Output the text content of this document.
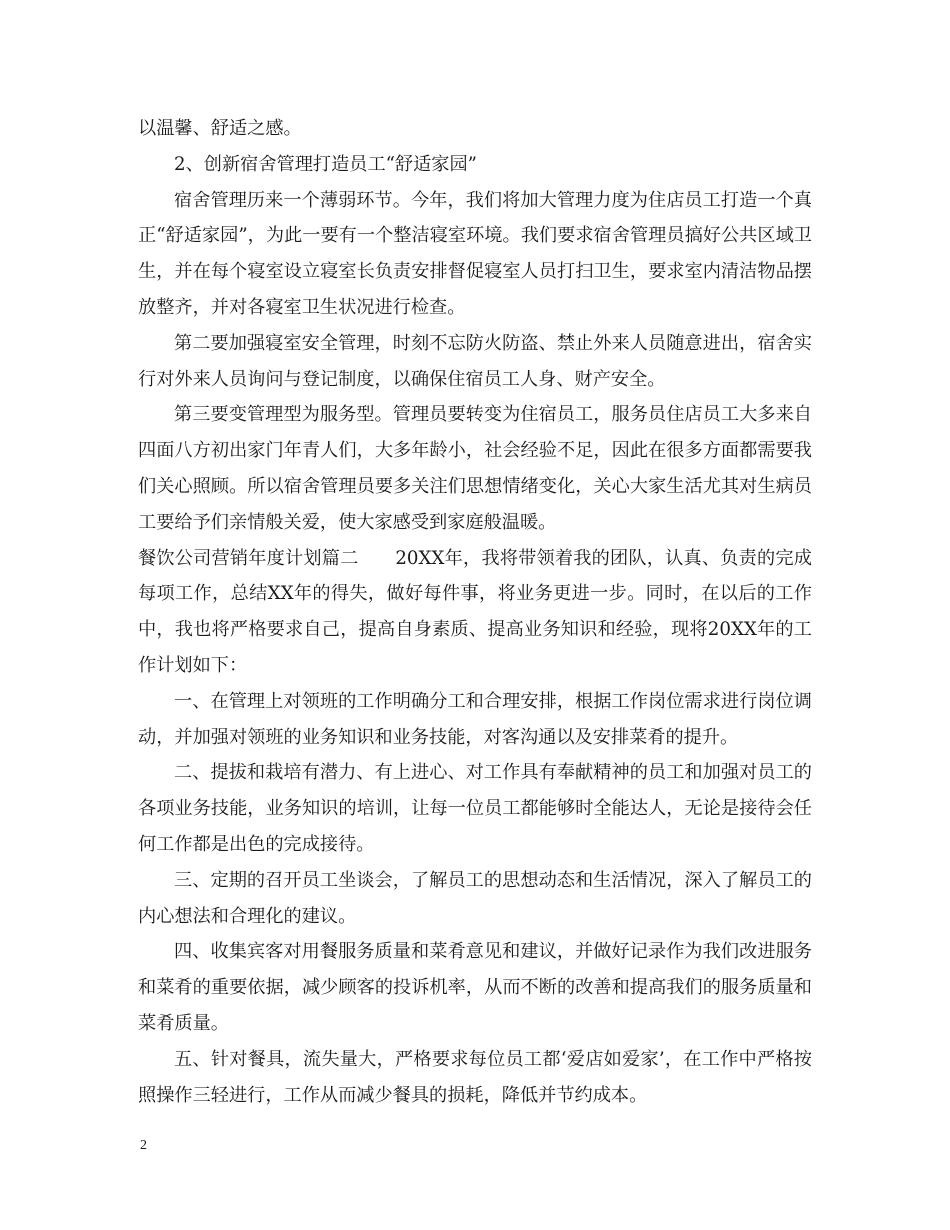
以温馨、舒适之感。

2、创新宿舍管理打造员工“舒适家园”

宿舍管理历来一个薄弱环节。今年，我们将加大管理力度为住店员工打造一个真正“舒适家园”，为此一要有一个整洁寝室环境。我们要求宿舍管理员搞好公共区域卫生，并在每个寝室设立寝室长负责安排督促寝室人员打扫卫生，要求室内清洁物品摆放整齐，并对各寝室卫生状况进行检查。

第二要加强寝室安全管理，时刻不忘防火防盗、禁止外来人员随意进出，宿舍实行对外来人员询问与登记制度，以确保住宿员工人身、财产安全。

第三要变管理型为服务型。管理员要转变为住宿员工，服务员住店员工大多来自四面八方初出家门年青人们，大多年龄小，社会经验不足，因此在很多方面都需要我们关心照顾。所以宿舍管理员要多关注们思想情绪变化，关心大家生活尤其对生病员工要给予们亲情般关爱，使大家感受到家庭般温暖。

餐饮公司营销年度计划篇二　　20XX年，我将带领着我的团队，认真、负责的完成每项工作，总结XX年的得失，做好每件事，将业务更进一步。同时，在以后的工作中，我也将严格要求自己，提高自身素质、提高业务知识和经验，现将20XX年的工作计划如下：

一、在管理上对领班的工作明确分工和合理安排，根据工作岗位需求进行岗位调动，并加强对领班的业务知识和业务技能，对客沟通以及安排菜肴的提升。

二、提拔和栽培有潜力、有上进心、对工作具有奉献精神的员工和加强对员工的各项业务技能，业务知识的培训，让每一位员工都能够时全能达人，无论是接待会任何工作都是出色的完成接待。

三、定期的召开员工坐谈会，了解员工的思想动态和生活情况，深入了解员工的内心想法和合理化的建议。

四、收集宾客对用餐服务质量和菜肴意见和建议，并做好记录作为我们改进服务和菜肴的重要依据，减少顾客的投诉机率，从而不断的改善和提高我们的服务质量和菜肴质量。

五、针对餐具，流失量大，严格要求每位员工都‘爱店如爱家’，在工作中严格按照操作三轻进行，工作从而减少餐具的损耗，降低并节约成本。

2
